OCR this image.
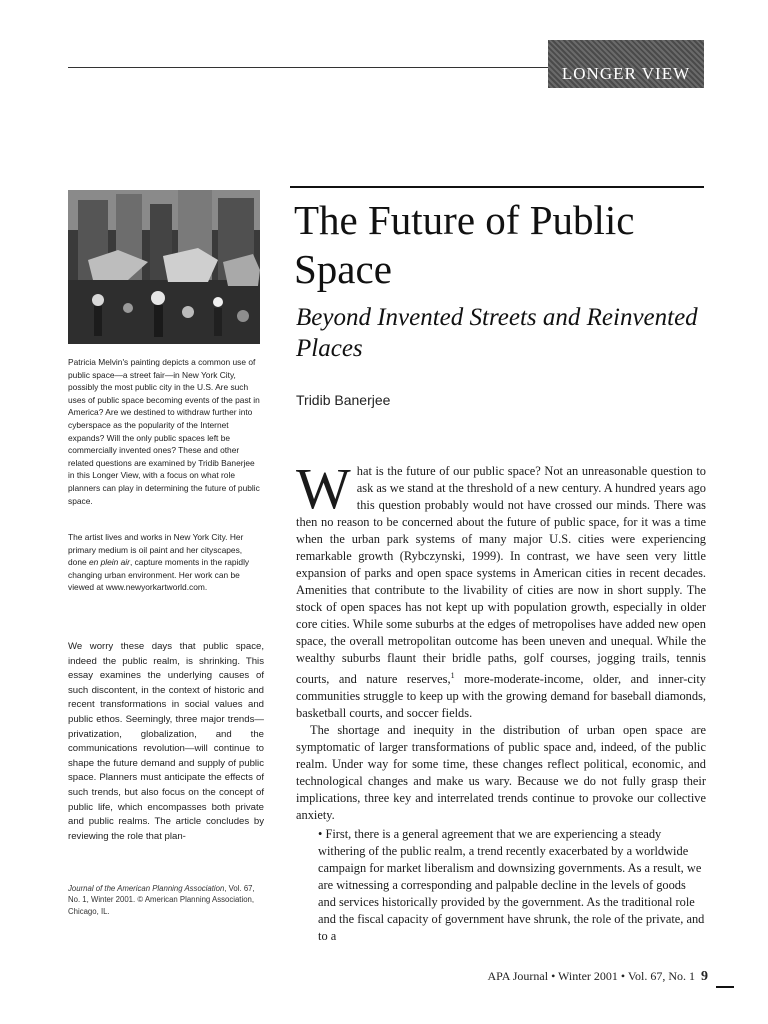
LONGER VIEW

Patricia Melvin's painting depicts a common use of public space—a street fair—in New York City, possibly the most public city in the U.S. Are such uses of public space becoming events of the past in America? Are we destined to withdraw further into cyberspace as the popularity of the Internet expands? Will the only public spaces left be commercially invented ones? These and other related questions are examined by Tridib Banerjee in this Longer View, with a focus on what role planners can play in determining the future of public space.

The artist lives and works in New York City. Her primary medium is oil paint and her cityscapes, done en plein air, capture moments in the rapidly changing urban environment. Her work can be viewed at www.newyorkartworld.com.

We worry these days that public space, indeed the public realm, is shrinking. This essay examines the underlying causes of such discontent, in the context of historic and recent transformations in social values and public ethos. Seemingly, three major trends—privatization, globalization, and the communications revolution—will continue to shape the future demand and supply of public space. Planners must anticipate the effects of such trends, but also focus on the concept of public life, which encompasses both private and public realms. The article concludes by reviewing the role that plan-

Journal of the American Planning Association, Vol. 67, No. 1, Winter 2001. © American Planning Association, Chicago, IL.

The Future of Public Space
Beyond Invented Streets and Reinvented Places

Tridib Banerjee

What is the future of our public space? Not an unreasonable question to ask as we stand at the threshold of a new century. A hundred years ago this question probably would not have crossed our minds. There was then no reason to be concerned about the future of public space, for it was a time when the urban park systems of many major U.S. cities were experiencing remarkable growth (Rybczynski, 1999). In contrast, we have seen very little expansion of parks and open space systems in American cities in recent decades. Amenities that contribute to the livability of cities are now in short supply. The stock of open spaces has not kept up with population growth, especially in older core cities. While some suburbs at the edges of metropolises have added new open space, the overall metropolitan outcome has been uneven and unequal. While the wealthy suburbs flaunt their bridle paths, golf courses, jogging trails, tennis courts, and nature reserves,$^1$ more-moderate-income, older, and inner-city communities struggle to keep up with the growing demand for baseball diamonds, basketball courts, and soccer fields.

The shortage and inequity in the distribution of urban open space are symptomatic of larger transformations of public space and, indeed, of the public realm. Under way for some time, these changes reflect political, economic, and technological changes and make us wary. Because we do not fully grasp their implications, three key and interrelated trends continue to provoke our collective anxiety.

• First, there is a general agreement that we are experiencing a steady withering of the public realm, a trend recently exacerbated by a worldwide campaign for market liberalism and downsizing governments. As a result, we are witnessing a corresponding and palpable decline in the levels of goods and services historically provided by the government. As the traditional role and the fiscal capacity of government have shrunk, the role of the private, and to a
APA Journal • Winter 2001 • Vol. 67, No. 1 9
